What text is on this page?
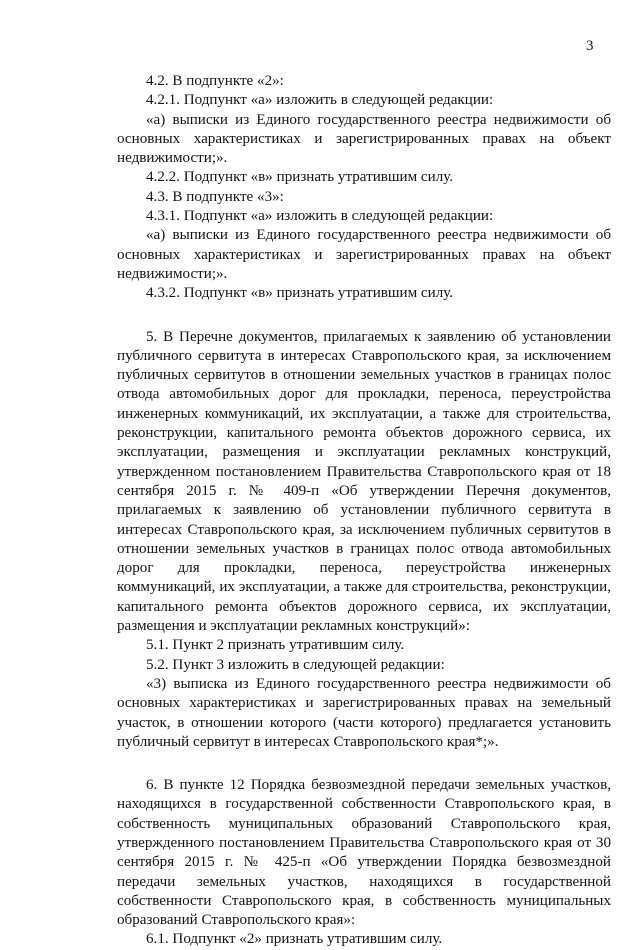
3

4.2. В подпункте «2»:

4.2.1. Подпункт «а» изложить в следующей редакции:

«а) выписки из Единого государственного реестра недвижимости об основных характеристиках и зарегистрированных правах на объект недвижимости;».

4.2.2. Подпункт «в» признать утратившим силу.

4.3. В подпункте «3»:

4.3.1. Подпункт «а» изложить в следующей редакции:

«а) выписки из Единого государственного реестра недвижимости об основных характеристиках и зарегистрированных правах на объект недвижимости;».

4.3.2. Подпункт «в» признать утратившим силу.

5. В Перечне документов, прилагаемых к заявлению об установлении публичного сервитута в интересах Ставропольского края, за исключением публичных сервитутов в отношении земельных участков в границах полос отвода автомобильных дорог для прокладки, переноса, переустройства инженерных коммуникаций, их эксплуатации, а также для строительства, реконструкции, капитального ремонта объектов дорожного сервиса, их эксплуатации, размещения и эксплуатации рекламных конструкций, утвержденном постановлением Правительства Ставропольского края от 18 сентября 2015 г. № 409-п «Об утверждении Перечня документов, прилагаемых к заявлению об установлении публичного сервитута в интересах Ставропольского края, за исключением публичных сервитутов в отношении земельных участков в границах полос отвода автомобильных дорог для прокладки, переноса, переустройства инженерных коммуникаций, их эксплуатации, а также для строительства, реконструкции, капитального ремонта объектов дорожного сервиса, их эксплуатации, размещения и эксплуатации рекламных конструкций»:

5.1. Пункт 2 признать утратившим силу.

5.2. Пункт 3 изложить в следующей редакции:

«3) выписка из Единого государственного реестра недвижимости об основных характеристиках и зарегистрированных правах на земельный участок, в отношении которого (части которого) предлагается установить публичный сервитут в интересах Ставропольского края*;».

6. В пункте 12 Порядка безвозмездной передачи земельных участков, находящихся в государственной собственности Ставропольского края, в собственность муниципальных образований Ставропольского края, утвержденного постановлением Правительства Ставропольского края от 30 сентября 2015 г. № 425-п «Об утверждении Порядка безвозмездной передачи земельных участков, находящихся в государственной собственности Ставропольского края, в собственность муниципальных образований Ставропольского края»:

6.1. Подпункт «2» признать утратившим силу.
